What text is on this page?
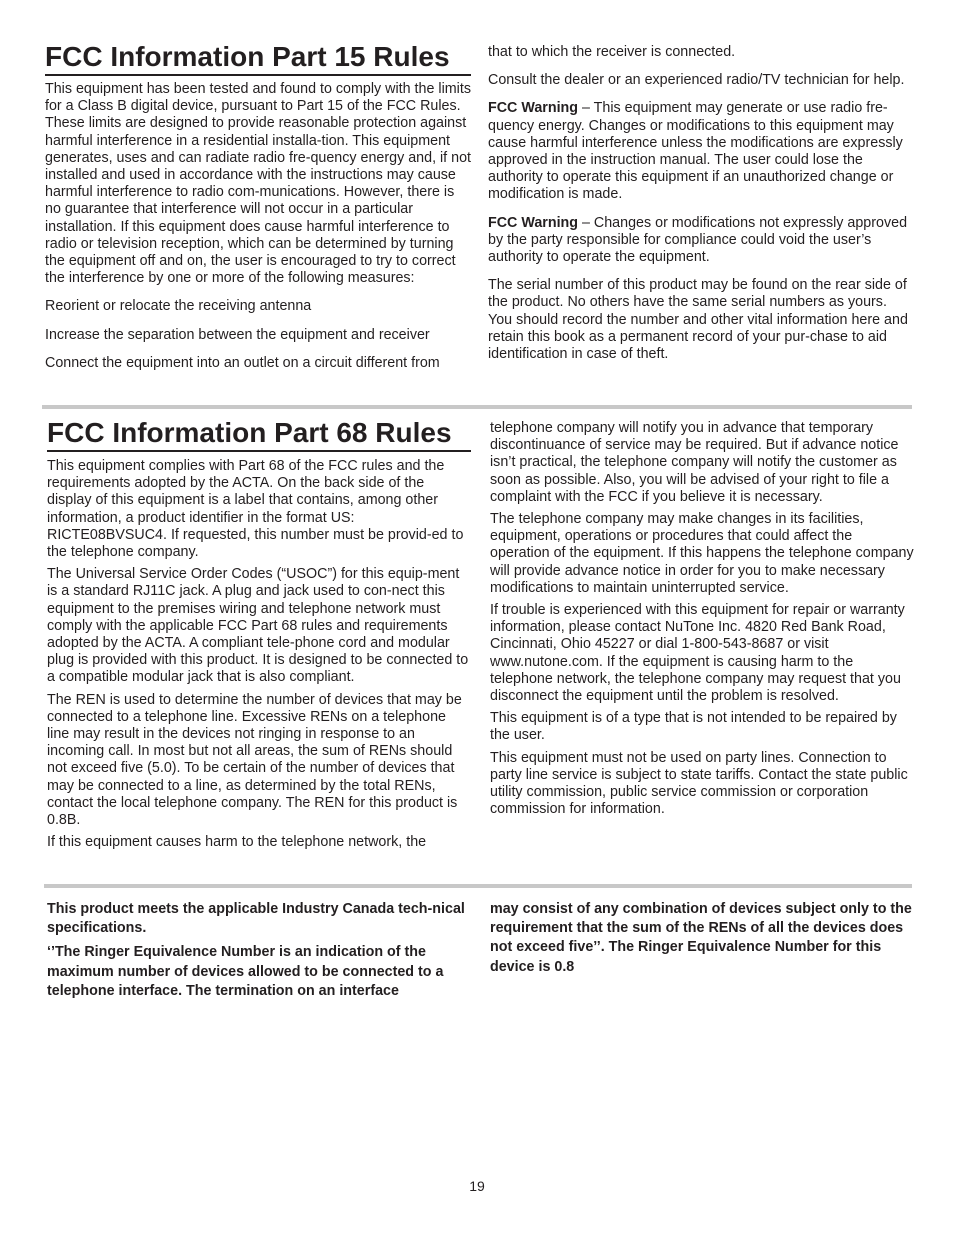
FCC Information Part 15 Rules

This equipment has been tested and found to comply with the limits for a Class B digital device, pursuant to Part 15 of the FCC Rules. These limits are designed to provide reasonable protection against harmful interference in a residential installa-tion. This equipment generates, uses and can radiate radio fre-quency energy and, if not installed and used in accordance with the instructions may cause harmful interference to radio com-munications. However, there is no guarantee that interference will not occur in a particular installation. If this equipment does cause harmful interference to radio or television reception, which can be determined by turning the equipment off and on, the user is encouraged to try to correct the interference by one or more of the following measures:

Reorient or relocate the receiving antenna

Increase the separation between the equipment and receiver

Connect the equipment into an outlet on a circuit different from

that to which the receiver is connected.

Consult the dealer or an experienced radio/TV technician for help.

FCC Warning – This equipment may generate or use radio fre-quency energy. Changes or modifications to this equipment may cause harmful interference unless the modifications are expressly approved in the instruction manual. The user could lose the authority to operate this equipment if an unauthorized change or modification is made.

FCC Warning – Changes or modifications not expressly approved by the party responsible for compliance could void the user’s authority to operate the equipment.

The serial number of this product may be found on the rear side of the product. No others have the same serial numbers as yours. You should record the number and other vital information here and retain this book as a permanent record of your pur-chase to aid identification in case of theft.

FCC Information Part 68 Rules

This equipment complies with Part 68 of the FCC rules and the requirements adopted by the ACTA. On the back side of the display of this equipment is a label that contains, among other information, a product identifier in the format US: RICTE08BVSUC4. If requested, this number must be provid-ed to the telephone company.

The Universal Service Order Codes (“USOC”) for this equip-ment is a standard RJ11C jack. A plug and jack used to con-nect this equipment to the premises wiring and telephone network must comply with the applicable FCC Part 68 rules and requirements adopted by the ACTA. A compliant tele-phone cord and modular plug is provided with this product. It is designed to be connected to a compatible modular jack that is also compliant.

The REN is used to determine the number of devices that may be connected to a telephone line. Excessive RENs on a telephone line may result in the devices not ringing in response to an incoming call. In most but not all areas, the sum of RENs should not exceed five (5.0). To be certain of the number of devices that may be connected to a line, as determined by the total RENs, contact the local telephone company. The REN for this product is 0.8B.

If this equipment causes harm to the telephone network, the

telephone company will notify you in advance that temporary discontinuance of service may be required. But if advance notice isn’t practical, the telephone company will notify the customer as soon as possible. Also, you will be advised of your right to file a complaint with the FCC if you believe it is necessary.

The telephone company may make changes in its facilities, equipment, operations or procedures that could affect the operation of the equipment. If this happens the telephone company will provide advance notice in order for you to make necessary modifications to maintain uninterrupted service.

If trouble is experienced with this equipment for repair or warranty information, please contact NuTone Inc. 4820 Red Bank Road, Cincinnati, Ohio 45227 or dial 1-800-543-8687 or visit www.nutone.com. If the equipment is causing harm to the telephone network, the telephone company may request that you disconnect the equipment until the problem is resolved.

This equipment is of a type that is not intended to be repaired by the user.

This equipment must not be used on party lines. Connection to party line service is subject to state tariffs. Contact the state public utility commission, public service commission or corporation commission for information.

This product meets the applicable Industry Canada tech-nical specifications.

‘’The Ringer Equivalence Number is an indication of the maximum number of devices allowed to be connected to a telephone interface. The termination on an interface

may consist of any combination of devices subject only to the requirement that the sum of the RENs of all the devices does not exceed five’’. The Ringer Equivalence Number for this device is 0.8

19
